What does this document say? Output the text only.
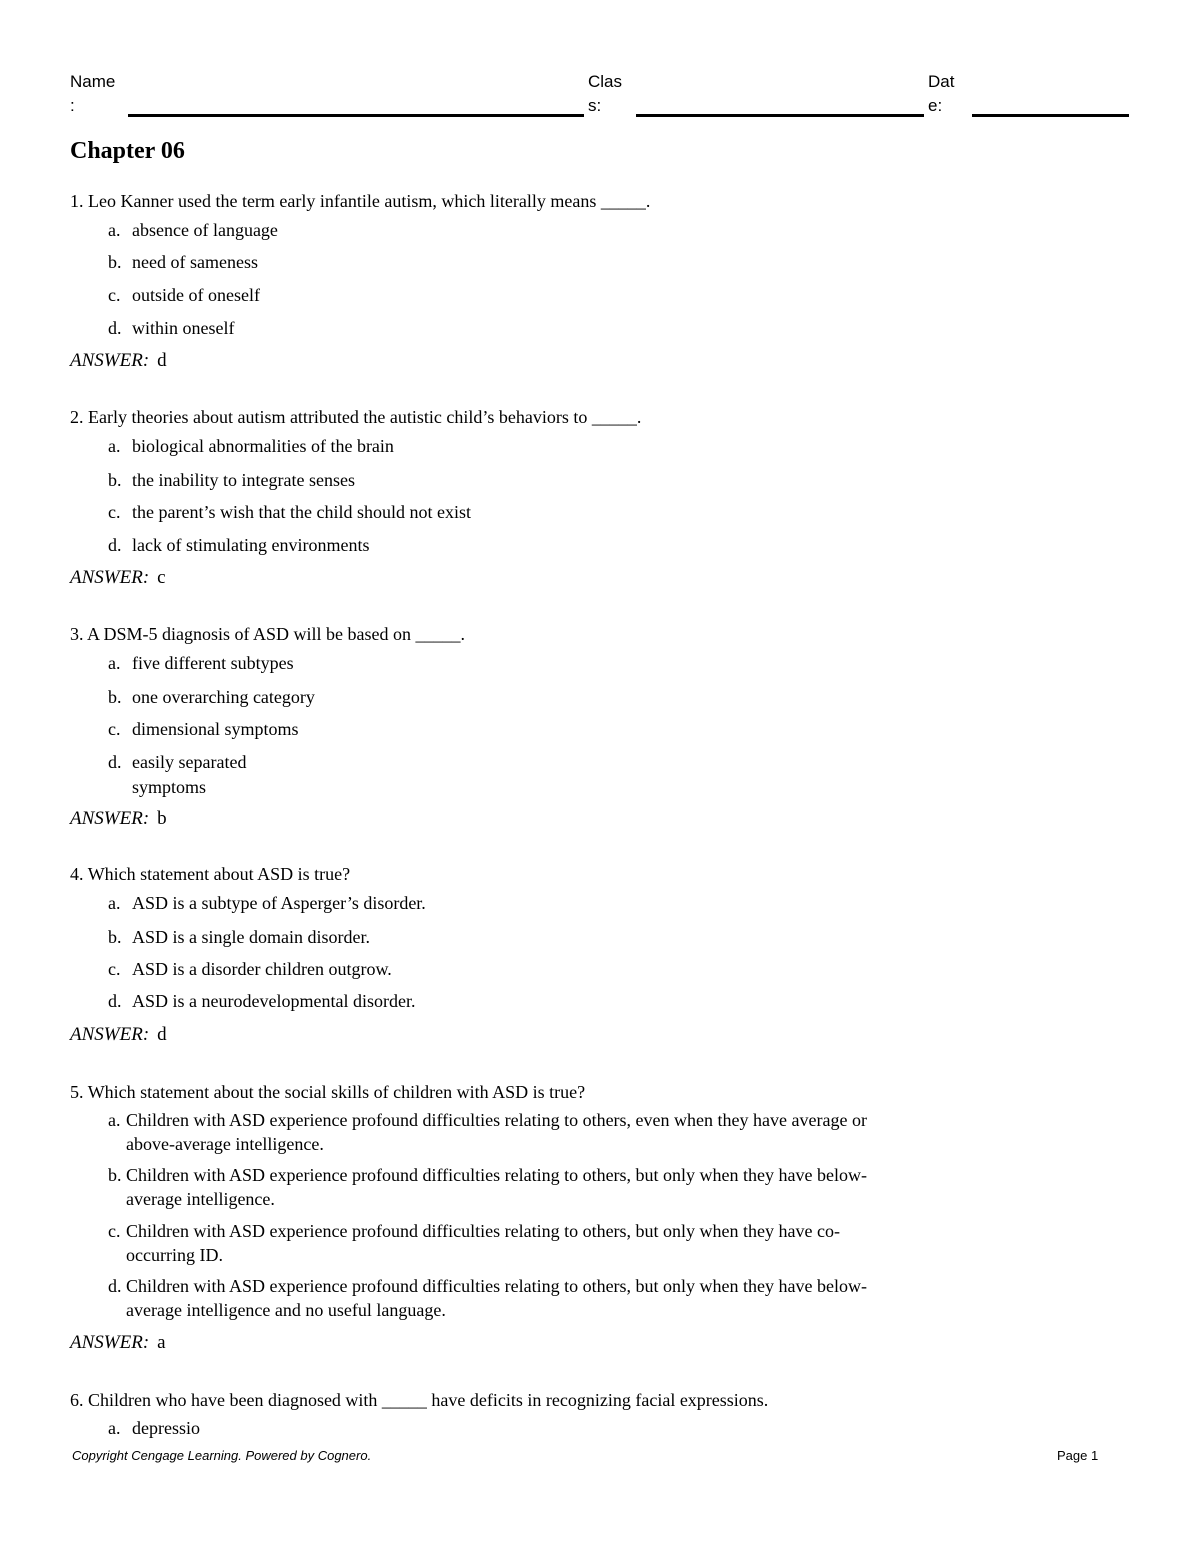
Name
:
Clas
s:
Dat
e:
Chapter 06
1. Leo Kanner used the term early infantile autism, which literally means _____.
a. absence of language
b. need of sameness
c. outside of oneself
d. within oneself
ANSWER: d
2. Early theories about autism attributed the autistic child’s behaviors to _____.
a. biological abnormalities of the brain
b. the inability to integrate senses
c. the parent’s wish that the child should not exist
d. lack of stimulating environments
ANSWER: c
3. A DSM-5 diagnosis of ASD will be based on _____.
a. five different subtypes
b. one overarching category
c. dimensional symptoms
d. easily separated symptoms
ANSWER: b
4. Which statement about ASD is true?
a. ASD is a subtype of Asperger’s disorder.
b. ASD is a single domain disorder.
c. ASD is a disorder children outgrow.
d. ASD is a neurodevelopmental disorder.
ANSWER: d
5. Which statement about the social skills of children with ASD is true?
a. Children with ASD experience profound difficulties relating to others, even when they have average or above-average intelligence.
b. Children with ASD experience profound difficulties relating to others, but only when they have below-average intelligence.
c. Children with ASD experience profound difficulties relating to others, but only when they have co-occurring ID.
d. Children with ASD experience profound difficulties relating to others, but only when they have below-average intelligence and no useful language.
ANSWER: a
6. Children who have been diagnosed with _____ have deficits in recognizing facial expressions.
a. depressio
Copyright Cengage Learning. Powered by Cognero.	Page 1
